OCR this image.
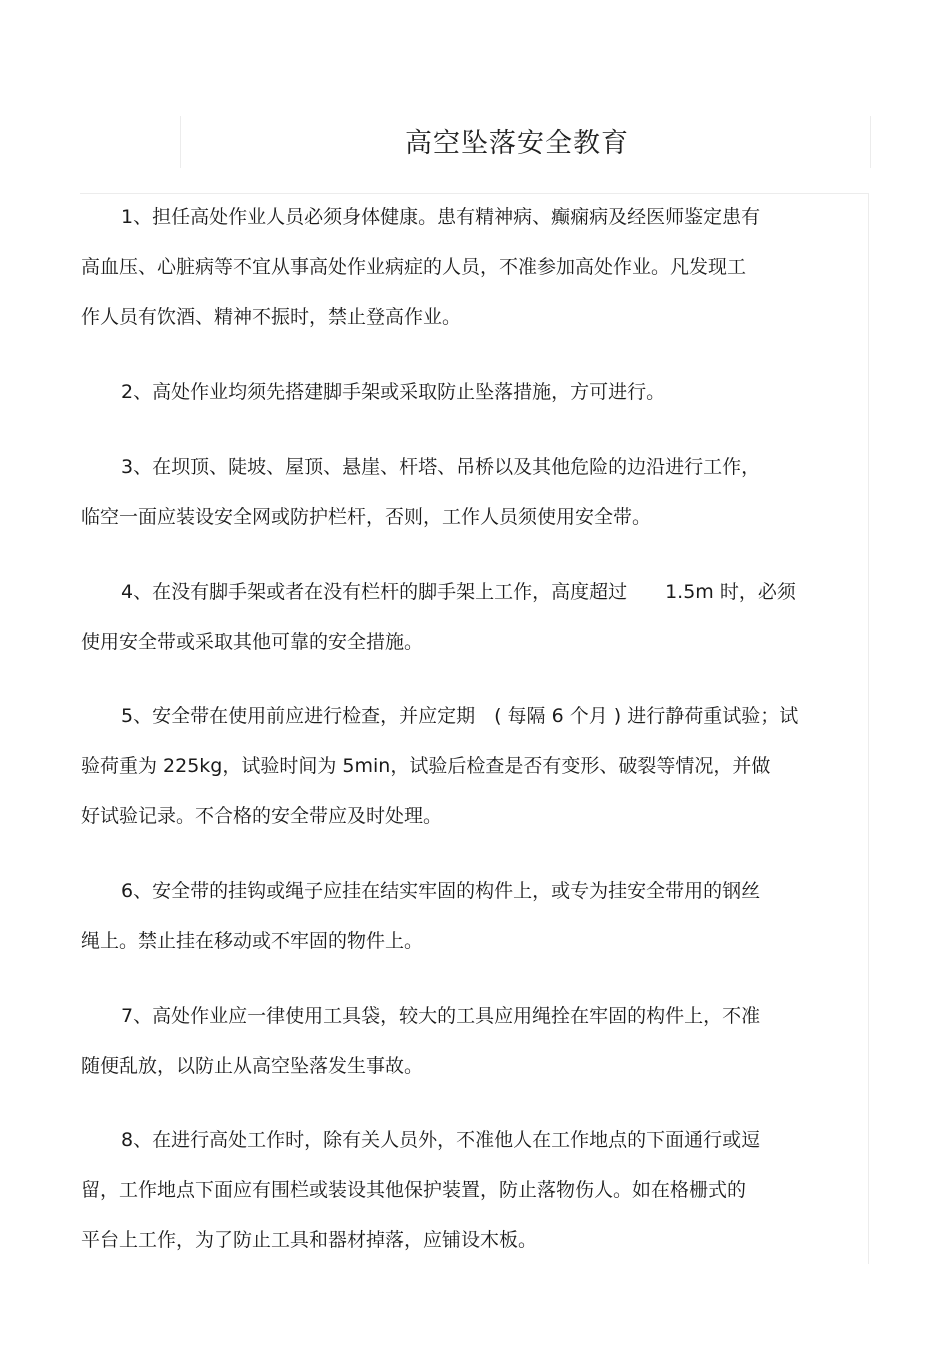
高空坠落安全教育
1、担任高处作业人员必须身体健康。患有精神病、癫痫病及经医师鉴定患有
高血压、心脏病等不宜从事高处作业病症的人员，不准参加高处作业。凡发现工
作人员有饮酒、精神不振时，禁止登高作业。
2、高处作业均须先搭建脚手架或采取防止坠落措施，方可进行。
3、在坝顶、陡坡、屋顶、悬崖、杆塔、吊桥以及其他危险的边沿进行工作，
临空一面应装设安全网或防护栏杆，否则，工作人员须使用安全带。
4、在没有脚手架或者在没有栏杆的脚手架上工作，高度超过　　1.5m 时，必须
使用安全带或采取其他可靠的安全措施。
5、安全带在使用前应进行检查，并应定期　( 每隔 6 个月 ) 进行静荷重试验；试
验荷重为 225kg，试验时间为 5min，试验后检查是否有变形、破裂等情况，并做
好试验记录。不合格的安全带应及时处理。
6、安全带的挂钩或绳子应挂在结实牢固的构件上，或专为挂安全带用的钢丝
绳上。禁止挂在移动或不牢固的物件上。
7、高处作业应一律使用工具袋，较大的工具应用绳拴在牢固的构件上，不准
随便乱放，以防止从高空坠落发生事故。
8、在进行高处工作时，除有关人员外，不准他人在工作地点的下面通行或逗
留，工作地点下面应有围栏或装设其他保护装置，防止落物伤人。如在格栅式的
平台上工作，为了防止工具和器材掉落，应铺设木板。
